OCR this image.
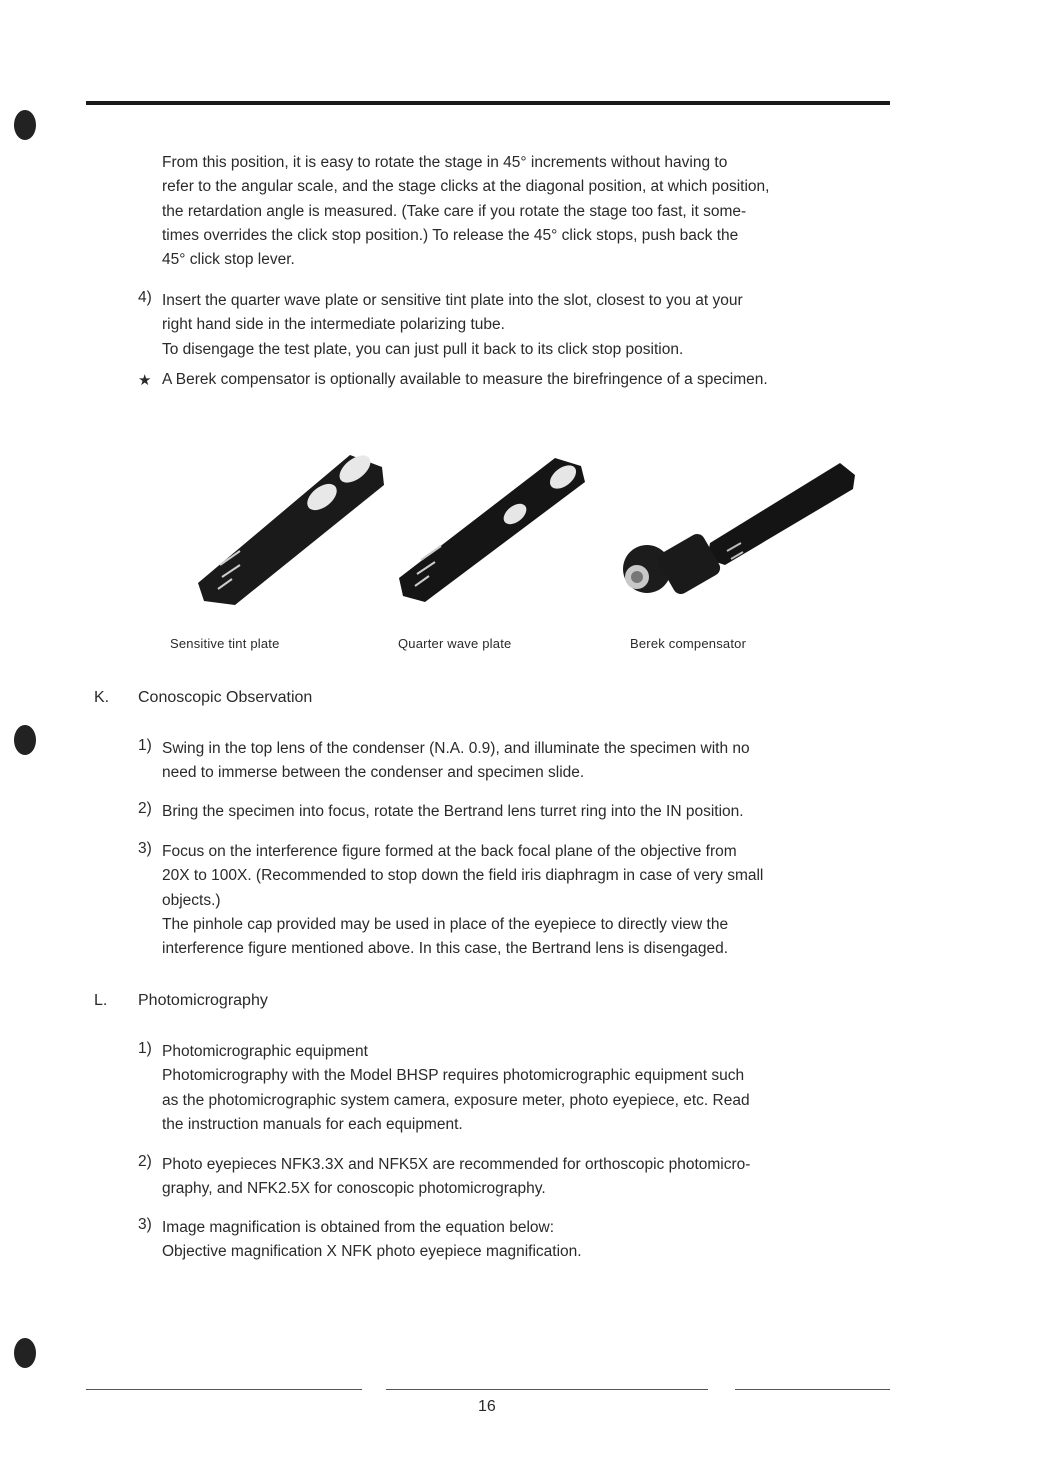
From this position, it is easy to rotate the stage in 45° increments without having to
refer to the angular scale, and the stage clicks at the diagonal position, at which position,
the retardation angle is measured. (Take care if you rotate the stage too fast, it some-
times overrides the click stop position.) To release the 45° click stops, push back the
45° click stop lever.
4) Insert the quarter wave plate or sensitive tint plate into the slot, closest to you at your
right hand side in the intermediate polarizing tube.
To disengage the test plate, you can just pull it back to its click stop position.
★ A Berek compensator is optionally available to measure the birefringence of a specimen.
Sensitive tint plate	Quarter wave plate	Berek compensator
K. Conoscopic Observation
1) Swing in the top lens of the condenser (N.A. 0.9), and illuminate the specimen with no
need to immerse between the condenser and specimen slide.
2) Bring the specimen into focus, rotate the Bertrand lens turret ring into the IN position.
3) Focus on the interference figure formed at the back focal plane of the objective from
20X to 100X. (Recommended to stop down the field iris diaphragm in case of very small
objects.)
The pinhole cap provided may be used in place of the eyepiece to directly view the
interference figure mentioned above. In this case, the Bertrand lens is disengaged.
L. Photomicrography
1) Photomicrographic equipment
Photomicrography with the Model BHSP requires photomicrographic equipment such
as the photomicrographic system camera, exposure meter, photo eyepiece, etc. Read
the instruction manuals for each equipment.
2) Photo eyepieces NFK3.3X and NFK5X are recommended for orthoscopic photomicro-
graphy, and NFK2.5X for conoscopic photomicrography.
3) Image magnification is obtained from the equation below:
Objective magnification X NFK photo eyepiece magnification.
16
